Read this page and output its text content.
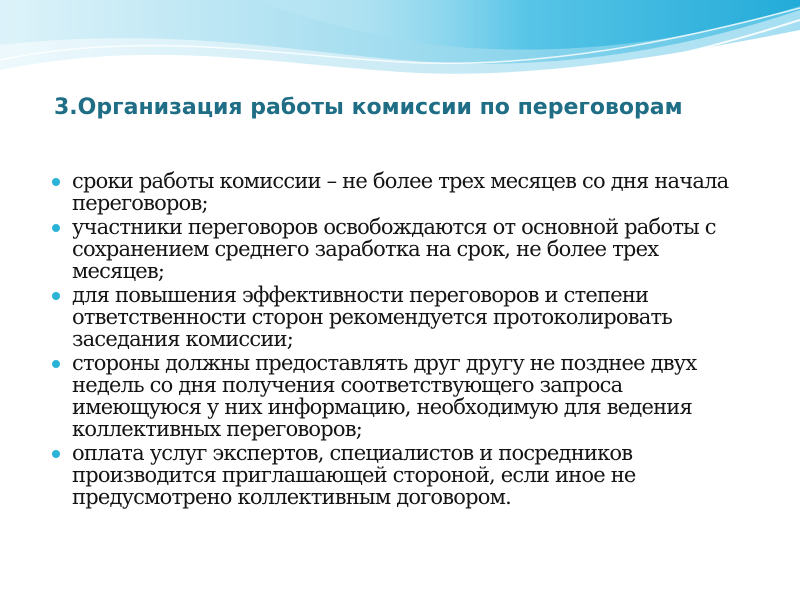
3.Организация работы комиссии по переговорам
сроки работы комиссии – не более трех месяцев со дня начала переговоров;
участники переговоров освобождаются от основной работы с сохранением среднего заработка на срок, не более трех месяцев;
для повышения эффективности переговоров и степени ответственности сторон рекомендуется протоколировать заседания комиссии;
стороны должны предоставлять друг другу не позднее двух недель со дня получения соответствующего запроса имеющуюся у них информацию, необходимую для ведения коллективных переговоров;
оплата услуг экспертов, специалистов и посредников производится приглашающей стороной, если иное не предусмотрено коллективным договором.
